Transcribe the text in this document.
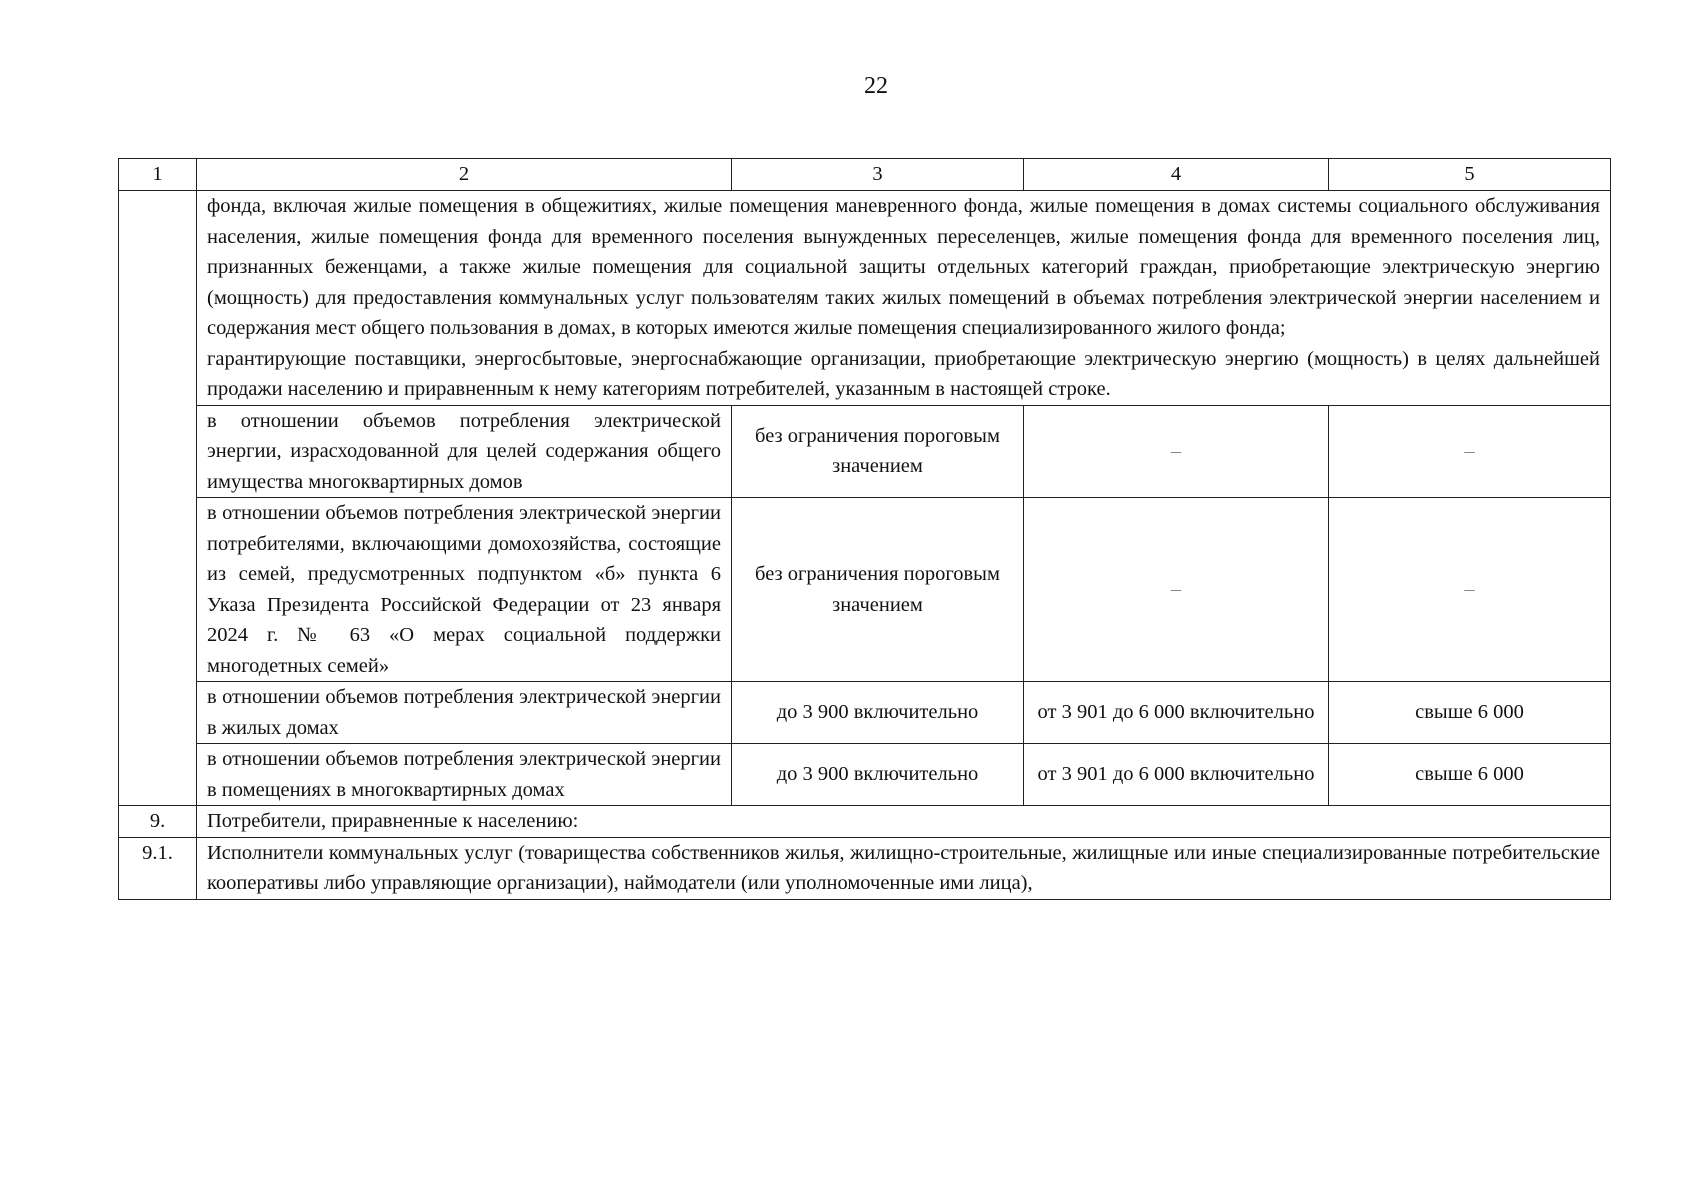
22
1	2	3	4	5

	фонда, включая жилые помещения в общежитиях, жилые помещения маневренного фонда, жилые помещения в домах системы социального обслуживания населения, жилые помещения фонда для временного поселения вынужденных переселенцев, жилые помещения фонда для временного поселения лиц, признанных беженцами, а также жилые помещения для социальной защиты отдельных категорий граждан, приобретающие электрическую энергию (мощность) для предоставления коммунальных услуг пользователям таких жилых помещений в объемах потребления электрической энергии населением и содержания мест общего пользования в домах, в которых имеются жилые помещения специализированного жилого фонда;

гарантирующие поставщики, энергосбытовые, энергоснабжающие организации, приобретающие электрическую энергию (мощность) в целях дальнейшей продажи населению и приравненным к нему категориям потребителей, указанным в настоящей строке.			

	в отношении объемов потребления электрической энергии, израсходованной для целей содержания общего имущества многоквартирных домов	без ограничения пороговым значением	–	–
	в отношении объемов потребления электрической энергии потребителями, включающими домохозяйства, состоящие из семей, предусмотренных подпунктом «б» пункта 6 Указа Президента Российской Федерации от 23 января 2024 г. № 63 «О мерах социальной поддержки многодетных семей»	без ограничения пороговым значением	–	–
	в отношении объемов потребления электрической энергии в жилых домах	до 3 900 включительно	от 3 901 до 6 000 включительно	свыше 6 000
	в отношении объемов потребления электрической энергии в помещениях в многоквартирных домах	до 3 900 включительно	от 3 901 до 6 000 включительно	свыше 6 000
9.	Потребители, приравненные к населению:			
9.1.	Исполнители коммунальных услуг (товарищества собственников жилья, жилищно-строительные, жилищные или иные специализированные потребительские кооперативы либо управляющие организации), наймодатели (или уполномоченные ими лица),			
